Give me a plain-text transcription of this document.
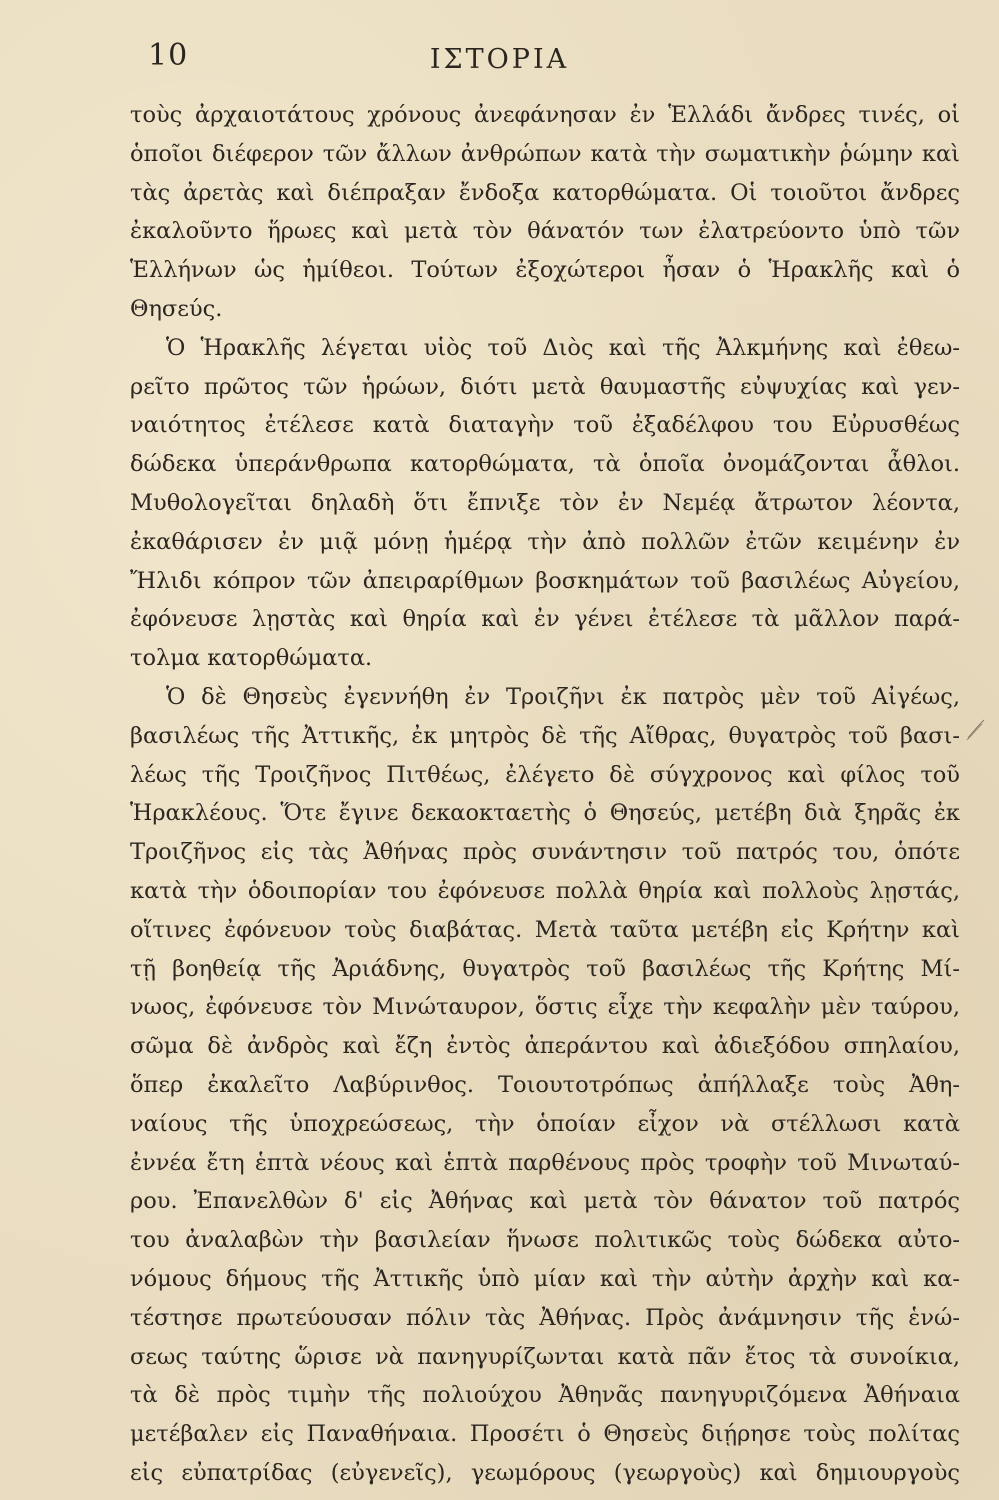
10	ΙΣΤΟΡΙΑ
τοὺς ἀρχαιοτάτους χρόνους ἀνεφάνησαν ἐν Ἑλλάδι ἄνδρες τινές, οἱ
ὁποῖοι διέφερον τῶν ἄλλων ἀνθρώπων κατὰ τὴν σωματικὴν ῥώμην καὶ
τὰς ἀρετὰς καὶ διέπραξαν ἔνδοξα κατορθώματα. Οἱ τοιοῦτοι ἄνδρες
ἐκαλοῦντο ἥρωες καὶ μετὰ τὸν θάνατόν των ἐλατρεύοντο ὑπὸ τῶν
Ἑλλήνων ὡς ἡμίθεοι. Τούτων ἐξοχώτεροι ἦσαν ὁ Ἡρακλῆς καὶ ὁ
Θησεύς.
Ὁ Ἡρακλῆς λέγεται υἱὸς τοῦ Διὸς καὶ τῆς Ἀλκμήνης καὶ ἐθεω-
ρεῖτο πρῶτος τῶν ἡρώων, διότι μετὰ θαυμαστῆς εὐψυχίας καὶ γεν-
ναιότητος ἐτέλεσε κατὰ διαταγὴν τοῦ ἐξαδέλφου του Εὐρυσθέως
δώδεκα ὑπεράνθρωπα κατορθώματα, τὰ ὁποῖα ὀνομάζονται ἆθλοι.
Μυθολογεῖται δηλαδὴ ὅτι ἔπνιξε τὸν ἐν Νεμέᾳ ἄτρωτον λέοντα,
ἐκαθάρισεν ἐν μιᾷ μόνῃ ἡμέρᾳ τὴν ἀπὸ πολλῶν ἐτῶν κειμένην ἐν
Ἤλιδι κόπρον τῶν ἀπειραρίθμων βοσκημάτων τοῦ βασιλέως Αὐγείου,
ἐφόνευσε λῃστὰς καὶ θηρία καὶ ἐν γένει ἐτέλεσε τὰ μᾶλλον παρά-
τολμα κατορθώματα.
Ὁ δὲ Θησεὺς ἐγεννήθη ἐν Τροιζῆνι ἐκ πατρὸς μὲν τοῦ Αἰγέως,
βασιλέως τῆς Ἀττικῆς, ἐκ μητρὸς δὲ τῆς Αἴθρας, θυγατρὸς τοῦ βασι-
λέως τῆς Τροιζῆνος Πιτθέως, ἐλέγετο δὲ σύγχρονος καὶ φίλος τοῦ
Ἡρακλέους. Ὅτε ἔγινε δεκαοκταετὴς ὁ Θησεύς, μετέβη διὰ ξηρᾶς ἐκ
Τροιζῆνος εἰς τὰς Ἀθήνας πρὸς συνάντησιν τοῦ πατρός του, ὁπότε
κατὰ τὴν ὁδοιπορίαν του ἐφόνευσε πολλὰ θηρία καὶ πολλοὺς λῃστάς,
οἵτινες ἐφόνευον τοὺς διαβάτας. Μετὰ ταῦτα μετέβη εἰς Κρήτην καὶ
τῇ βοηθείᾳ τῆς Ἀριάδνης, θυγατρὸς τοῦ βασιλέως τῆς Κρήτης Μί-
νωος, ἐφόνευσε τὸν Μινώταυρον, ὅστις εἶχε τὴν κεφαλὴν μὲν ταύρου,
σῶμα δὲ ἀνδρὸς καὶ ἔζη ἐντὸς ἀπεράντου καὶ ἀδιεξόδου σπηλαίου,
ὅπερ ἐκαλεῖτο Λαβύρινθος. Τοιουτοτρόπως ἀπήλλαξε τοὺς Ἀθη-
ναίους τῆς ὑποχρεώσεως, τὴν ὁποίαν εἶχον νὰ στέλλωσι κατὰ
ἐννέα ἔτη ἑπτὰ νέους καὶ ἑπτὰ παρθένους πρὸς τροφὴν τοῦ Μινωταύ-
ρου. Ἐπανελθὼν δ' εἰς Ἀθήνας καὶ μετὰ τὸν θάνατον τοῦ πατρός
του ἀναλαβὼν τὴν βασιλείαν ἥνωσε πολιτικῶς τοὺς δώδεκα αὐτο-
νόμους δήμους τῆς Ἀττικῆς ὑπὸ μίαν καὶ τὴν αὐτὴν ἀρχὴν καὶ κα-
τέστησε πρωτεύουσαν πόλιν τὰς Ἀθήνας. Πρὸς ἀνάμνησιν τῆς ἑνώ-
σεως ταύτης ὥρισε νὰ πανηγυρίζωνται κατὰ πᾶν ἔτος τὰ συνοίκια,
τὰ δὲ πρὸς τιμὴν τῆς πολιούχου Ἀθηνᾶς πανηγυριζόμενα Ἀθήναια
μετέβαλεν εἰς Παναθήναια. Προσέτι ὁ Θησεὺς διῄρησε τοὺς πολίτας
εἰς εὐπατρίδας (εὐγενεῖς), γεωμόρους (γεωργοὺς) καὶ δημιουργοὺς
